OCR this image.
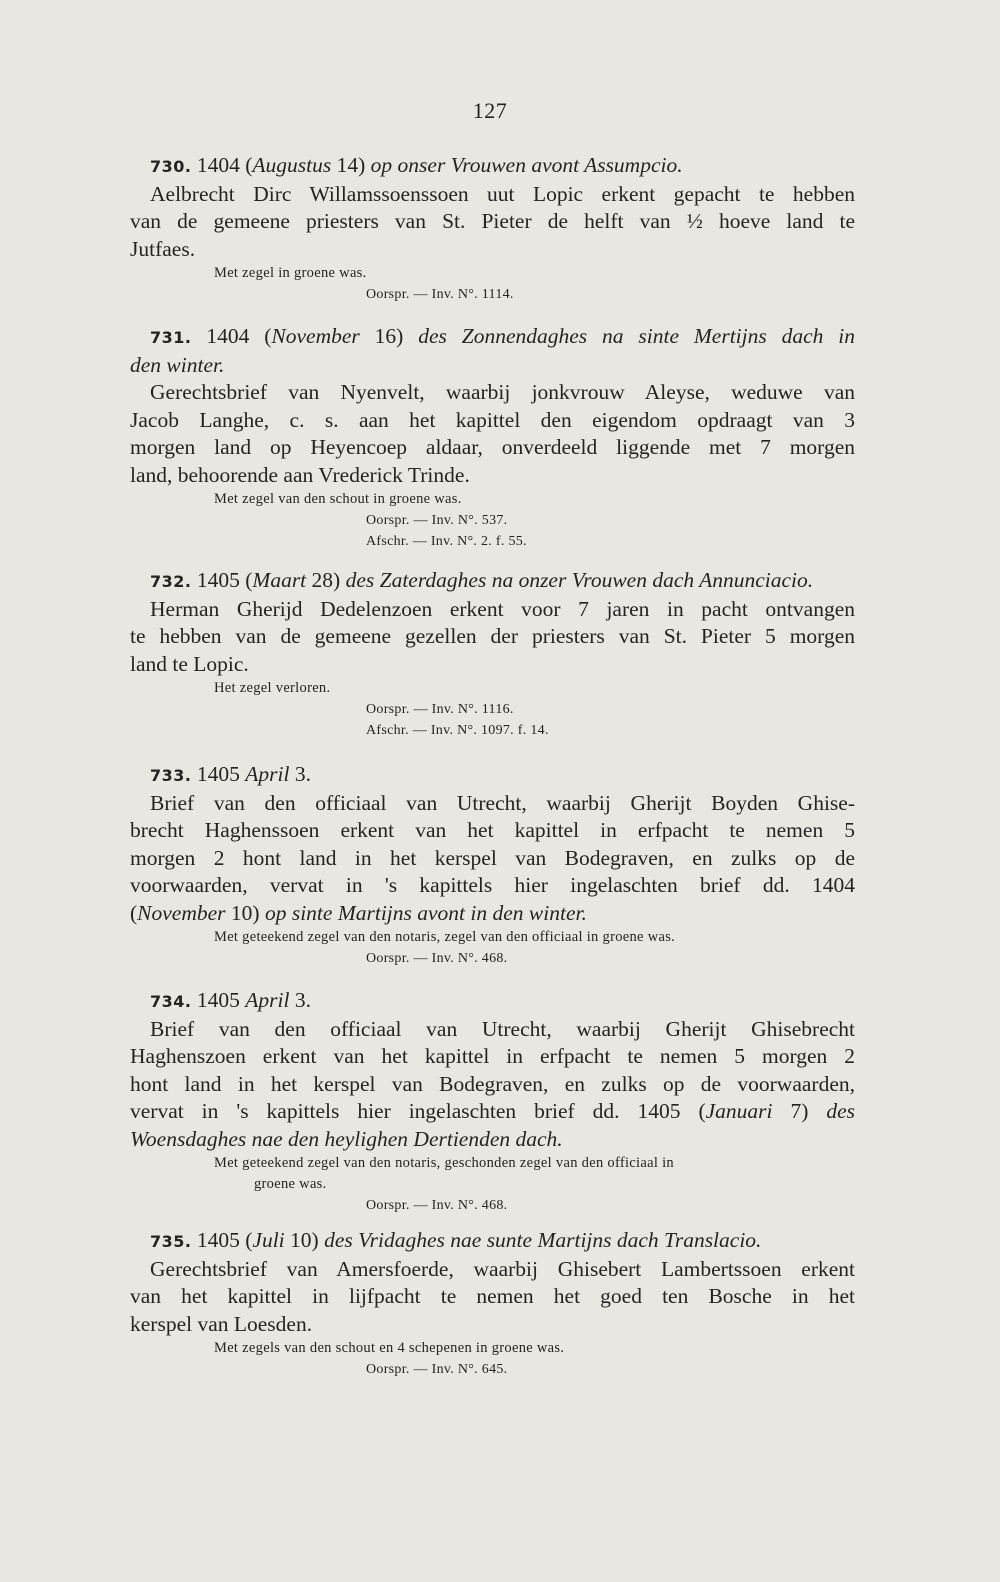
127
730. 1404 (Augustus 14) op onser Vrouwen avont Assumpcio.
Aelbrecht Dirc Willamssoenssoen uut Lopic erkent gepacht te hebben
van de gemeene priesters van St. Pieter de helft van ½ hoeve land te
Jutfaes.
Met zegel in groene was.
Oorspr. — Inv. N°. 1114.
731. 1404 (November 16) des Zonnendaghes na sinte Mertijns dach in
den winter.
Gerechtsbrief van Nyenvelt, waarbij jonkvrouw Aleyse, weduwe van
Jacob Langhe, c. s. aan het kapittel den eigendom opdraagt van 3
morgen land op Heyencoep aldaar, onverdeeld liggende met 7 morgen
land, behoorende aan Vrederick Trinde.
Met zegel van den schout in groene was.
Oorspr. — Inv. N°. 537.
Afschr. — Inv. N°. 2. f. 55.
732. 1405 (Maart 28) des Zaterdaghes na onzer Vrouwen dach Annunciacio.
Herman Gherijd Dedelenzoen erkent voor 7 jaren in pacht ontvangen
te hebben van de gemeene gezellen der priesters van St. Pieter 5 morgen
land te Lopic.
Het zegel verloren.
Oorspr. — Inv. N°. 1116.
Afschr. — Inv. N°. 1097. f. 14.
733. 1405 April 3.
Brief van den officiaal van Utrecht, waarbij Gherijt Boyden Ghise-
brecht Haghenssoen erkent van het kapittel in erfpacht te nemen 5
morgen 2 hont land in het kerspel van Bodegraven, en zulks op de
voorwaarden, vervat in 's kapittels hier ingelaschten brief dd. 1404
(November 10) op sinte Martijns avont in den winter.
Met geteekend zegel van den notaris, zegel van den officiaal in groene was.
Oorspr. — Inv. N°. 468.
734. 1405 April 3.
Brief van den officiaal van Utrecht, waarbij Gherijt Ghisebrecht
Haghenszoen erkent van het kapittel in erfpacht te nemen 5 morgen 2
hont land in het kerspel van Bodegraven, en zulks op de voorwaarden,
vervat in 's kapittels hier ingelaschten brief dd. 1405 (Januari 7) des
Woensdaghes nae den heylighen Dertienden dach.
Met geteekend zegel van den notaris, geschonden zegel van den officiaal in
groene was.
Oorspr. — Inv. N°. 468.
735. 1405 (Juli 10) des Vridaghes nae sunte Martijns dach Translacio.
Gerechtsbrief van Amersfoerde, waarbij Ghisebert Lambertssoen erkent
van het kapittel in lijfpacht te nemen het goed ten Bosche in het
kerspel van Loesden.
Met zegels van den schout en 4 schepenen in groene was.
Oorspr. — Inv. N°. 645.
